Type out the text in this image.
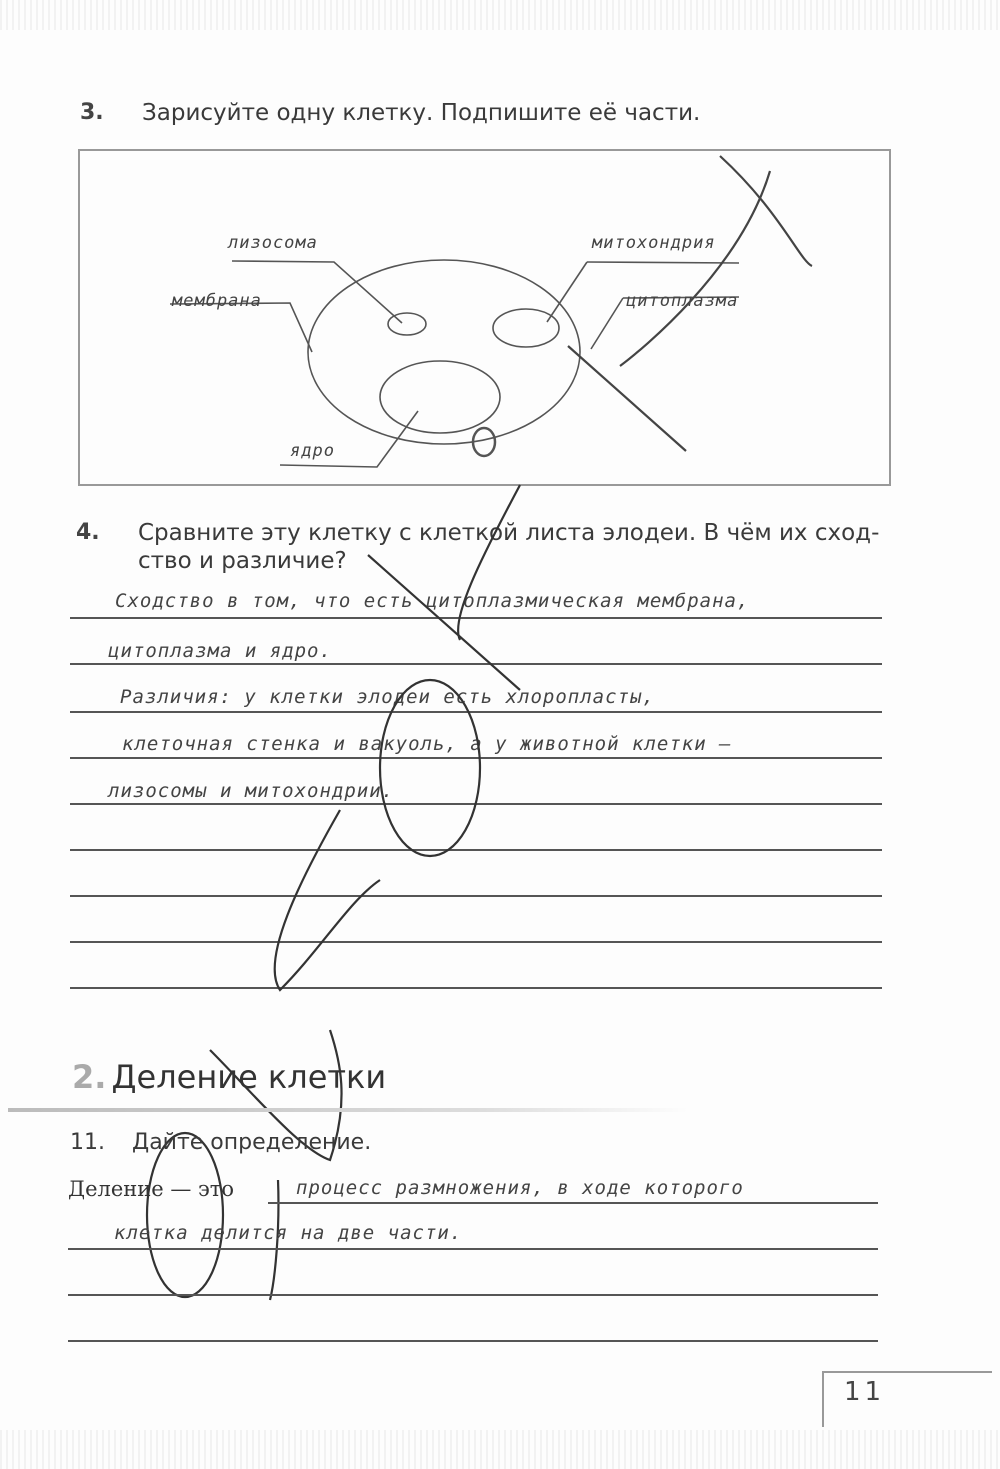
3. Зарисуйте одну клетку. Подпишите её части.
лизосома
мембрана
митохондрия
цитоплазма
ядро
4. Сравните эту клетку с клеткой листа элодеи. В чём их сход-
ство и различие?
Сходство в том, что есть цитоплазмическая мембрана,
цитоплазма и ядро.
Различия: у клетки элодеи есть хлоропласты,
клеточная стенка и вакуоль, а у животной клетки —
лизосомы и митохондрии.
2. Деление клетки
11. Дайте определение.
Деление — это	процесс размножения, в ходе которого
клетка делится на две части.
11
